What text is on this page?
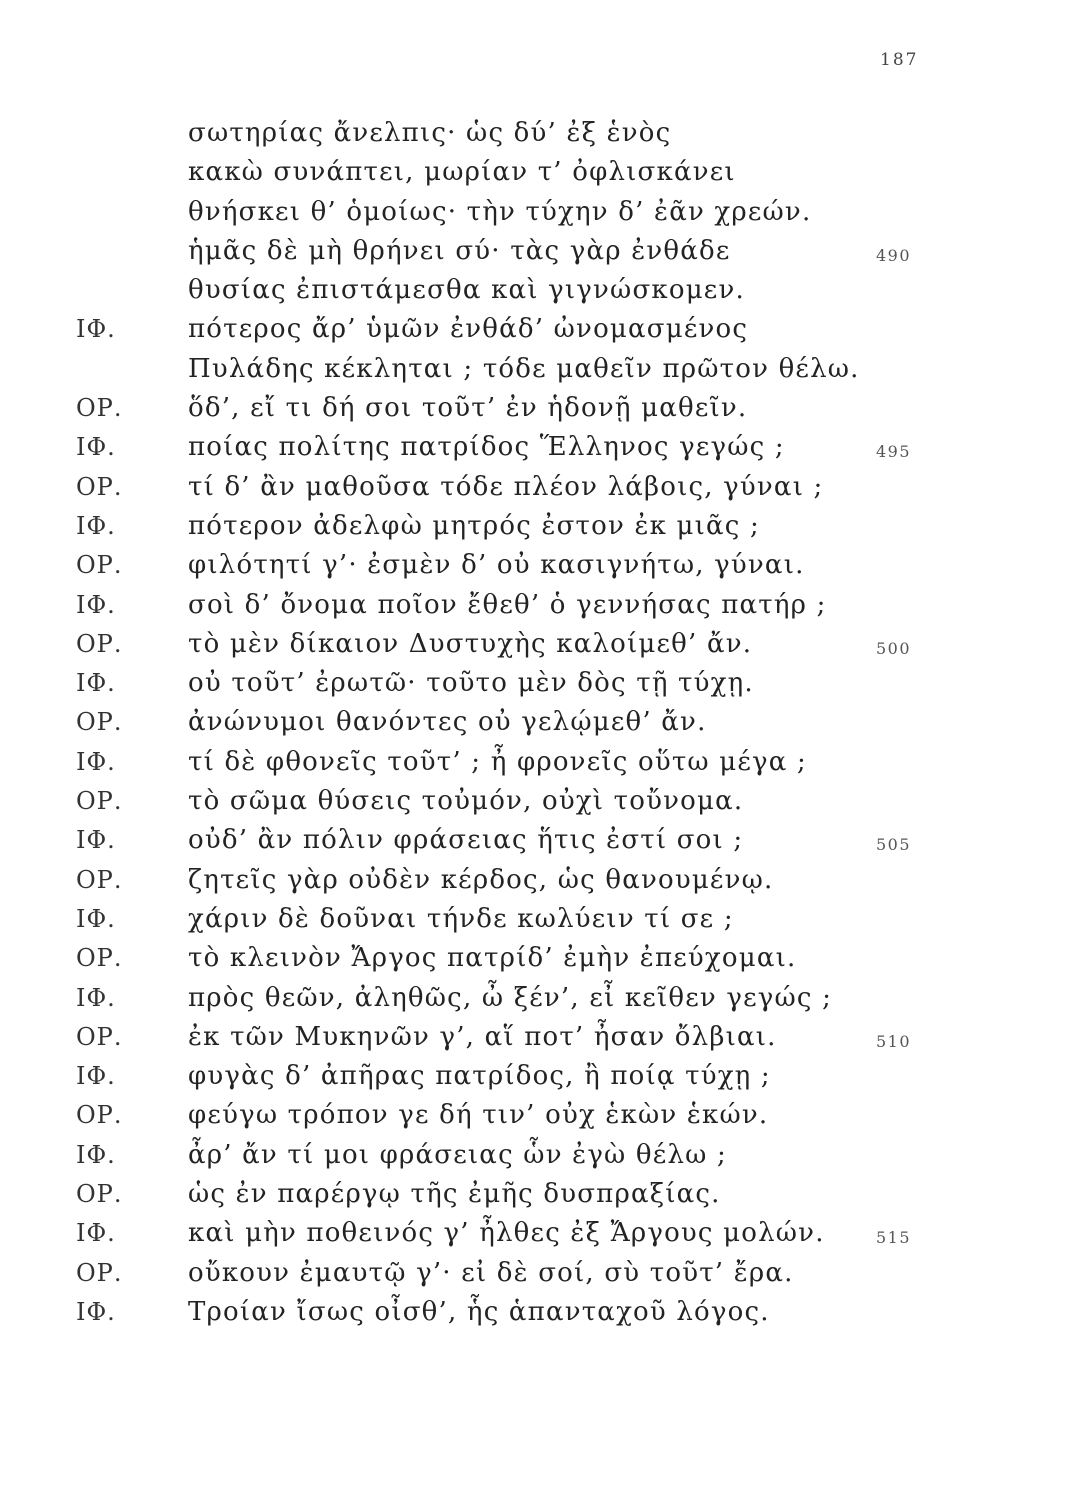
187
σωτηρίας ἄνελπις· ὡς δύ’ ἐξ ἑνὸς
κακὼ συνάπτει, μωρίαν τ’ ὀφλισκάνει
θνήσκει θ’ ὁμοίως· τὴν τύχην δ’ ἐᾶν χρεών.
ἡμᾶς δὲ μὴ θρήνει σύ· τὰς γὰρ ἐνθάδε	490
θυσίας ἐπιστάμεσθα καὶ γιγνώσκομεν.
ΙΦ.	πότερος ἄρ’ ὑμῶν ἐνθάδ’ ὠνομασμένος
Πυλάδης κέκληται ; τόδε μαθεῖν πρῶτον θέλω.
ΟΡ.	ὅδ’, εἴ τι δή σοι τοῦτ’ ἐν ἡδονῇ μαθεῖν.
ΙΦ.	ποίας πολίτης πατρίδος Ἕλληνος γεγώς ;	495
ΟΡ.	τί δ’ ἂν μαθοῦσα τόδε πλέον λάβοις, γύναι ;
ΙΦ.	πότερον ἀδελφὼ μητρός ἐστον ἐκ μιᾶς ;
ΟΡ.	φιλότητί γ’· ἐσμὲν δ’ οὐ κασιγνήτω, γύναι.
ΙΦ.	σοὶ δ’ ὄνομα ποῖον ἔθεθ’ ὁ γεννήσας πατήρ ;
ΟΡ.	τὸ μὲν δίκαιον Δυστυχὴς καλοίμεθ’ ἄν.	500
ΙΦ.	οὐ τοῦτ’ ἐρωτῶ· τοῦτο μὲν δὸς τῇ τύχῃ.
ΟΡ.	ἀνώνυμοι θανόντες οὐ γελῴμεθ’ ἄν.
ΙΦ.	τί δὲ φθονεῖς τοῦτ’ ; ἦ φρονεῖς οὕτω μέγα ;
ΟΡ.	τὸ σῶμα θύσεις τοὐμόν, οὐχὶ τοὔνομα.
ΙΦ.	οὐδ’ ἂν πόλιν φράσειας ἥτις ἐστί σοι ;	505
ΟΡ.	ζητεῖς γὰρ οὐδὲν κέρδος, ὡς θανουμένῳ.
ΙΦ.	χάριν δὲ δοῦναι τήνδε κωλύειν τί σε ;
ΟΡ.	τὸ κλεινὸν Ἄργος πατρίδ’ ἐμὴν ἐπεύχομαι.
ΙΦ.	πρὸς θεῶν, ἀληθῶς, ὦ ξέν’, εἶ κεῖθεν γεγώς ;
ΟΡ.	ἐκ τῶν Μυκηνῶν γ’, αἵ ποτ’ ἦσαν ὄλβιαι.	510
ΙΦ.	φυγὰς δ’ ἀπῆρας πατρίδος, ἢ ποίᾳ τύχῃ ;
ΟΡ.	φεύγω τρόπον γε δή τιν’ οὐχ ἑκὼν ἑκών.
ΙΦ.	ἆρ’ ἄν τί μοι φράσειας ὧν ἐγὼ θέλω ;
ΟΡ.	ὡς ἐν παρέργῳ τῆς ἐμῆς δυσπραξίας.
ΙΦ.	καὶ μὴν ποθεινός γ’ ἦλθες ἐξ Ἄργους μολών.	515
ΟΡ.	οὔκουν ἐμαυτῷ γ’· εἰ δὲ σοί, σὺ τοῦτ’ ἔρα.
ΙΦ.	Τροίαν ἴσως οἶσθ’, ἧς ἁπανταχοῦ λόγος.
